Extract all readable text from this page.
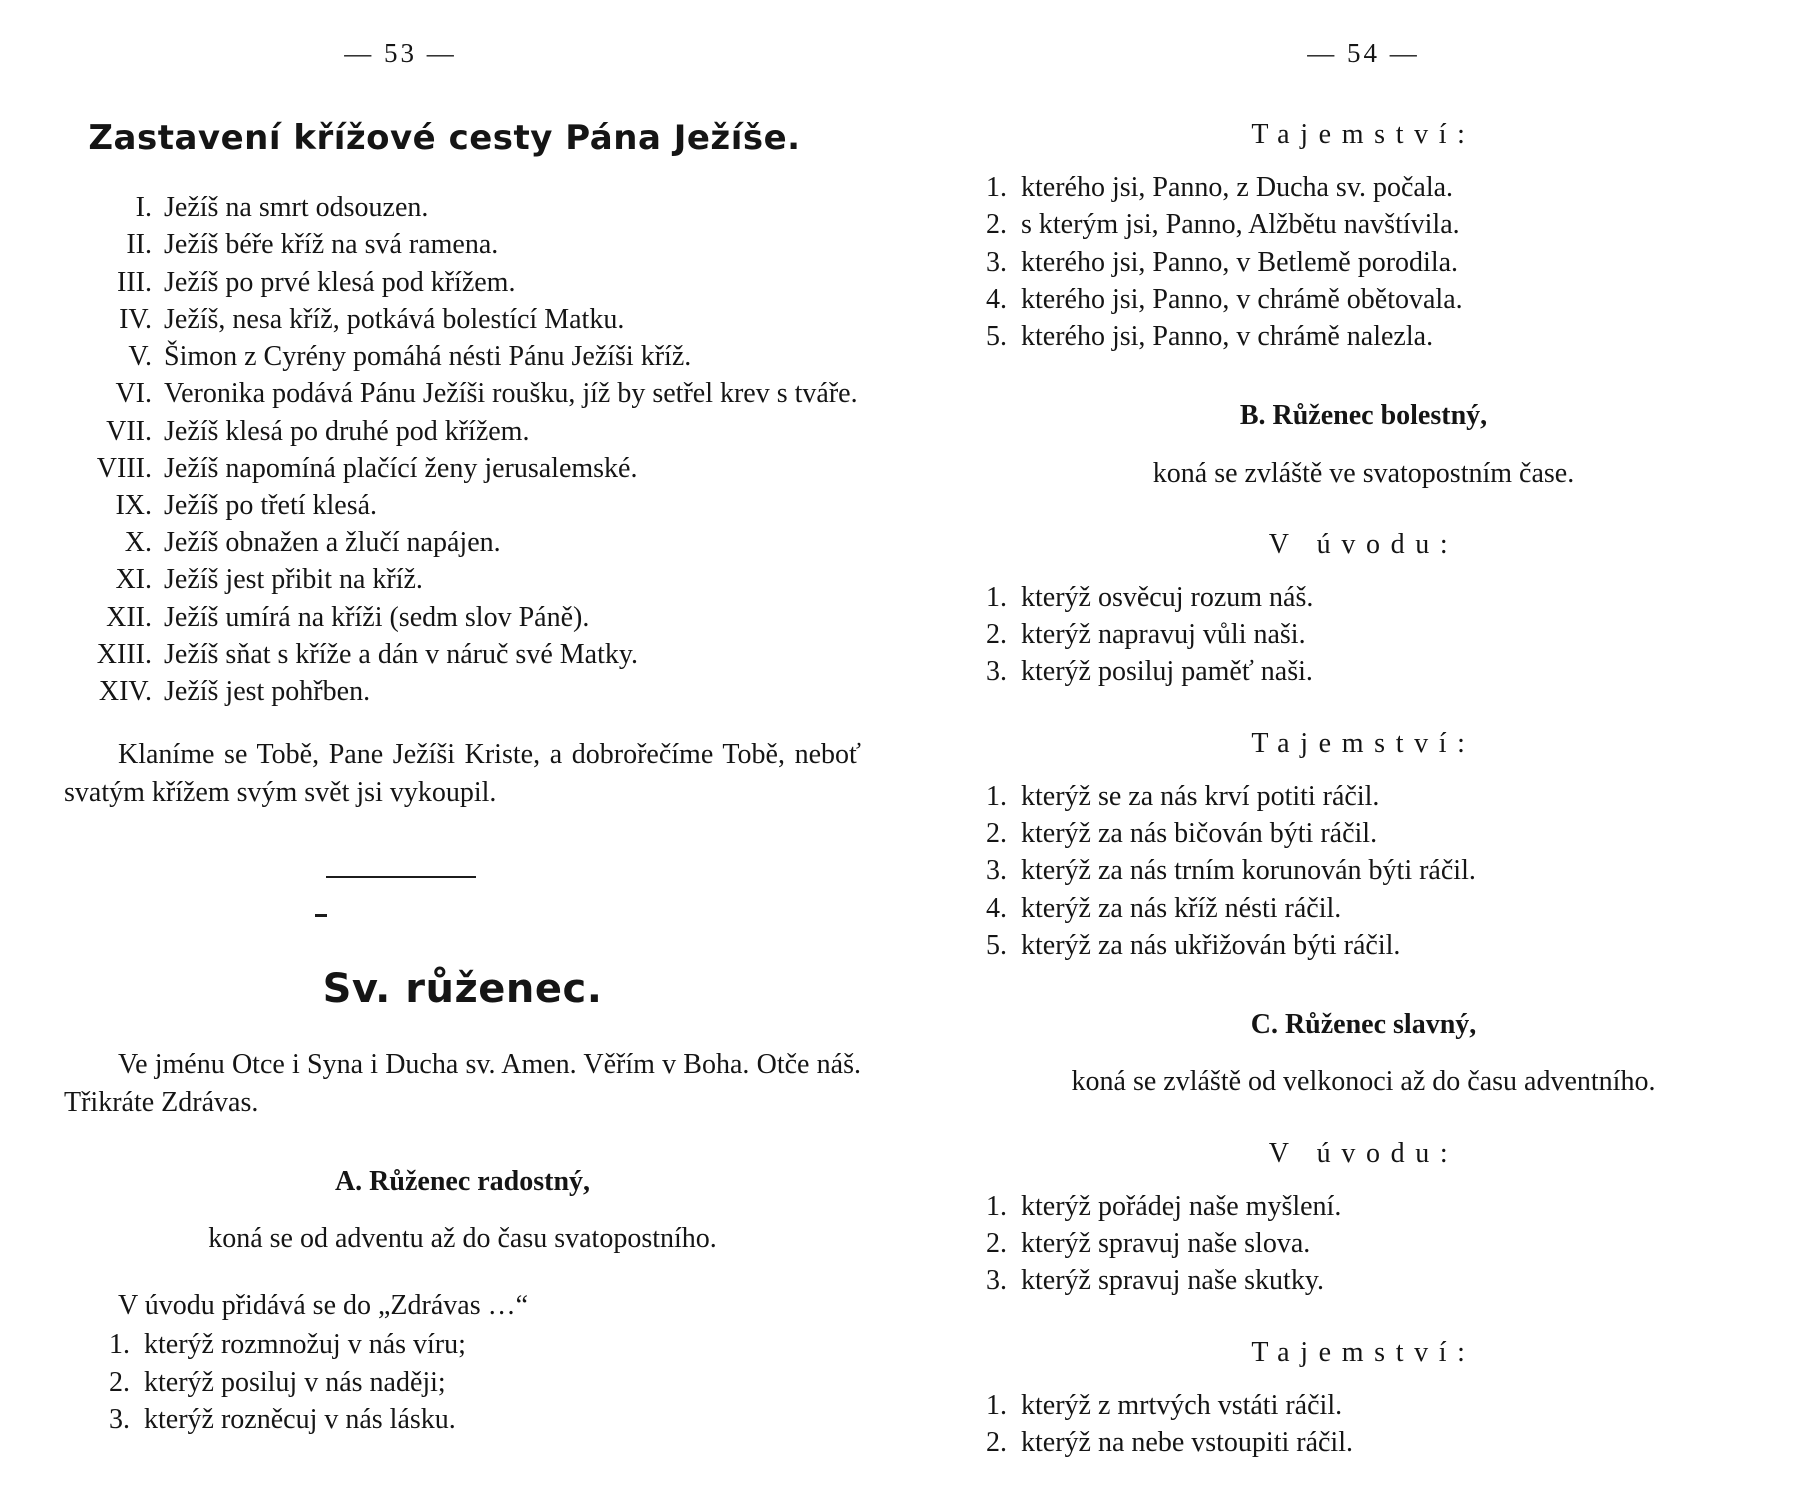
— 53 —
Zastavení křížové cesty Pána Ježíše.
I. Ježíš na smrt odsouzen.
II. Ježíš béře kříž na svá ramena.
III. Ježíš po prvé klesá pod křížem.
IV. Ježíš, nesa kříž, potkává bolestící Matku.
V. Šimon z Cyrény pomáhá nésti Pánu Ježíši kříž.
VI. Veronika podává Pánu Ježíši roušku, jíž by setřel krev s tváře.
VII. Ježíš klesá po druhé pod křížem.
VIII. Ježíš napomíná plačící ženy jerusalemské.
IX. Ježíš po třetí klesá.
X. Ježíš obnažen a žlučí napájen.
XI. Ježíš jest přibit na kříž.
XII. Ježíš umírá na kříži (sedm slov Páně).
XIII. Ježíš sňat s kříže a dán v náruč své Matky.
XIV. Ježíš jest pohřben.

Klaníme se Tobě, Pane Ježíši Kriste, a dobrořečíme Tobě, neboť svatým křížem svým svět jsi vykoupil.

Sv. růženec.

Ve jménu Otce i Syna i Ducha sv. Amen. Věřím v Boha. Otče náš. Třikráte Zdrávas.

A. Růženec radostný,
koná se od adventu až do času svatopostního.
V úvodu přidává se do „Zdrávas …“
1. kterýž rozmnožuj v nás víru;
2. kterýž posiluj v nás naději;
3. kterýž rozněcuj v nás lásku.
— 54 —
Tajemství:
1. kterého jsi, Panno, z Ducha sv. počala.
2. s kterým jsi, Panno, Alžbětu navštívila.
3. kterého jsi, Panno, v Betlemě porodila.
4. kterého jsi, Panno, v chrámě obětovala.
5. kterého jsi, Panno, v chrámě nalezla.
B. Růženec bolestný,
koná se zvláště ve svatopostním čase.
V úvodu:
1. kterýž osvěcuj rozum náš.
2. kterýž napravuj vůli naši.
3. kterýž posiluj paměť naši.
Tajemství:
1. kterýž se za nás krví potiti ráčil.
2. kterýž za nás bičován býti ráčil.
3. kterýž za nás trním korunován býti ráčil.
4. kterýž za nás kříž nésti ráčil.
5. kterýž za nás ukřižován býti ráčil.
C. Růženec slavný,
koná se zvláště od velkonoci až do času adventního.
V úvodu:
1. kterýž pořádej naše myšlení.
2. kterýž spravuj naše slova.
3. kterýž spravuj naše skutky.
Tajemství:
1. kterýž z mrtvých vstáti ráčil.
2. kterýž na nebe vstoupiti ráčil.
